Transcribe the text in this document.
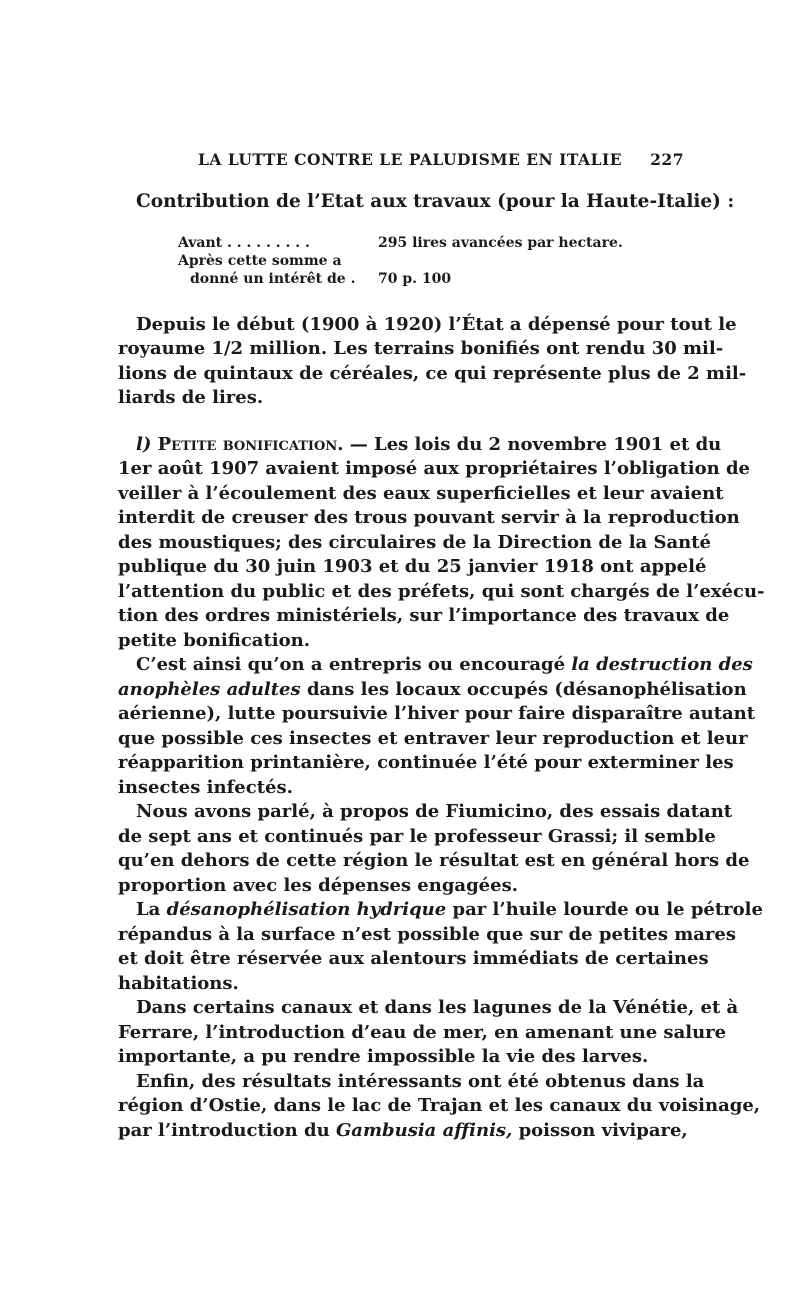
LA LUTTE CONTRE LE PALUDISME EN ITALIE 227
Contribution de l’Etat aux travaux (pour la Haute-Italie) :
Avant . . . . . . . . .	295 lires avancées par hectare.
Après cette somme a
donné un intérêt de . 70 p. 100
Depuis le début (1900 à 1920) l’État a dépensé pour tout le
royaume 1/2 million. Les terrains bonifiés ont rendu 30 mil-
lions de quintaux de céréales, ce qui représente plus de 2 mil-
liards de lires.
l) Petite bonification. — Les lois du 2 novembre 1901 et du
1er août 1907 avaient imposé aux propriétaires l’obligation de
veiller à l’écoulement des eaux superficielles et leur avaient
interdit de creuser des trous pouvant servir à la reproduction
des moustiques; des circulaires de la Direction de la Santé
publique du 30 juin 1903 et du 25 janvier 1918 ont appelé
l’attention du public et des préfets, qui sont chargés de l’exécu-
tion des ordres ministériels, sur l’importance des travaux de
petite bonification.
C’est ainsi qu’on a entrepris ou encouragé la destruction des
anophèles adultes dans les locaux occupés (désanophélisation
aérienne), lutte poursuivie l’hiver pour faire disparaître autant
que possible ces insectes et entraver leur reproduction et leur
réapparition printanière, continuée l’été pour exterminer les
insectes infectés.
Nous avons parlé, à propos de Fiumicino, des essais datant
de sept ans et continués par le professeur Grassi; il semble
qu’en dehors de cette région le résultat est en général hors de
proportion avec les dépenses engagées.
La désanophélisation hydrique par l’huile lourde ou le pétrole
répandus à la surface n’est possible que sur de petites mares
et doit être réservée aux alentours immédiats de certaines
habitations.
Dans certains canaux et dans les lagunes de la Vénétie, et à
Ferrare, l’introduction d’eau de mer, en amenant une salure
importante, a pu rendre impossible la vie des larves.
Enfin, des résultats intéressants ont été obtenus dans la
région d’Ostie, dans le lac de Trajan et les canaux du voisinage,
par l’introduction du Gambusia affinis, poisson vivipare,
